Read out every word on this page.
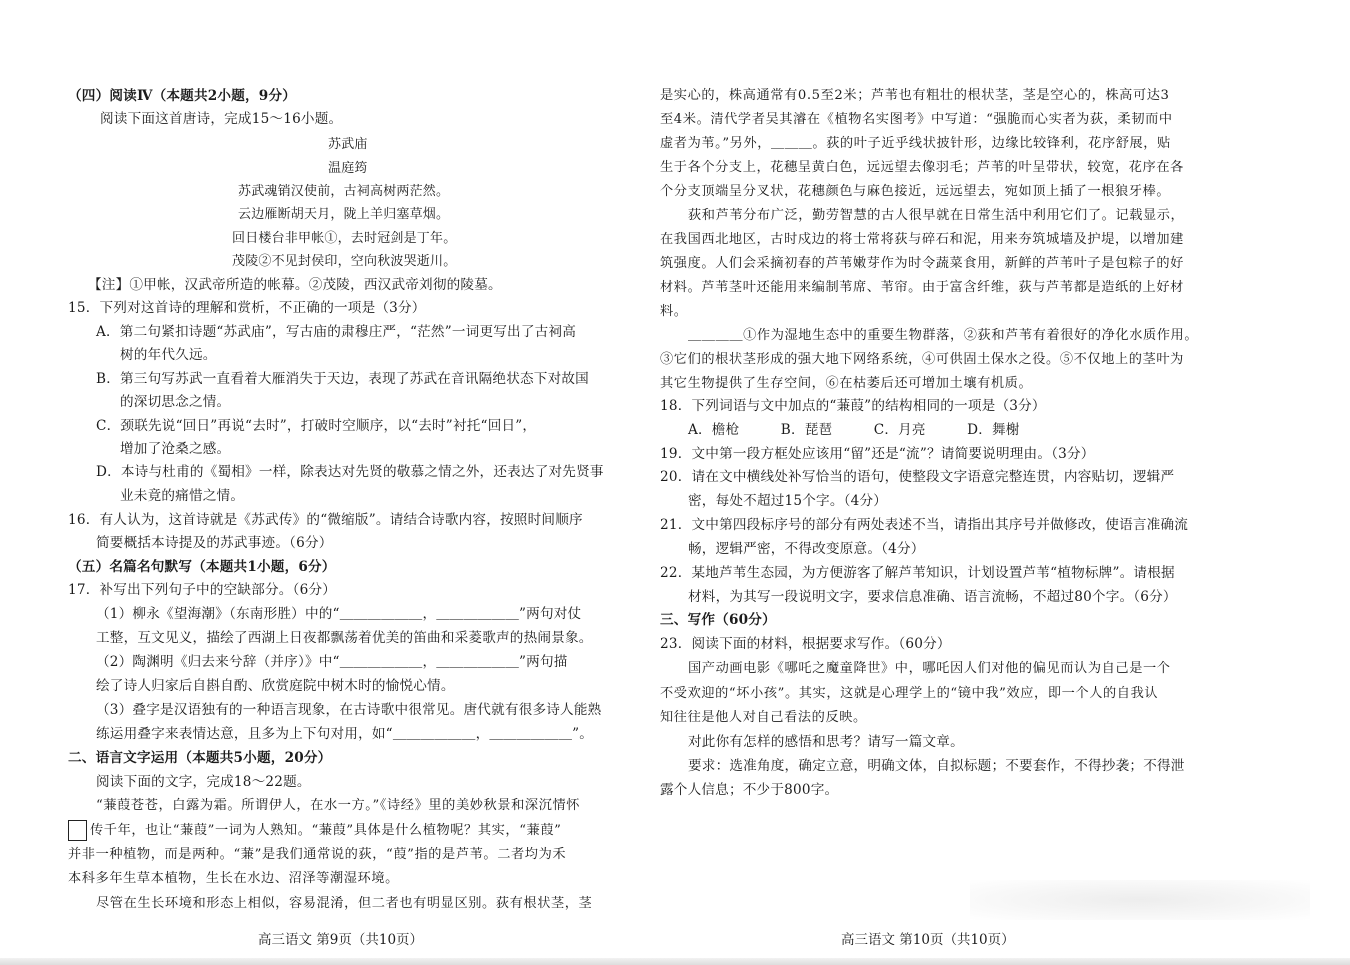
（四）阅读Ⅳ（本题共2小题，9分）
阅读下面这首唐诗，完成15～16小题。
苏武庙
温庭筠
苏武魂销汉使前，古祠高树两茫然。
云边雁断胡天月，陇上羊归塞草烟。
回日楼台非甲帐①，去时冠剑是丁年。
茂陵②不见封侯印，空向秋波哭逝川。
【注】①甲帐，汉武帝所造的帐幕。②茂陵，西汉武帝刘彻的陵墓。
15．下列对这首诗的理解和赏析，不正确的一项是（3分）
A．第二句紧扣诗题“苏武庙”，写古庙的肃穆庄严，“茫然”一词更写出了古祠高
树的年代久远。
B．第三句写苏武一直看着大雁消失于天边，表现了苏武在音讯隔绝状态下对故国
的深切思念之情。
C．颈联先说“回日”再说“去时”，打破时空顺序，以“去时”衬托“回日”，
增加了沧桑之感。
D．本诗与杜甫的《蜀相》一样，除表达对先贤的敬慕之情之外，还表达了对先贤事
业未竟的痛惜之情。
16．有人认为，这首诗就是《苏武传》的“微缩版”。请结合诗歌内容，按照时间顺序
简要概括本诗提及的苏武事迹。（6分）
（五）名篇名句默写（本题共1小题，6分）
17．补写出下列句子中的空缺部分。（6分）
（1）柳永《望海潮》（东南形胜）中的“＿＿＿＿＿＿，＿＿＿＿＿＿”两句对仗
工整，互文见义，描绘了西湖上日夜都飘荡着优美的笛曲和采菱歌声的热闹景象。
（2）陶渊明《归去来兮辞（并序）》中“＿＿＿＿＿＿，＿＿＿＿＿＿”两句描
绘了诗人归家后自斟自酌、欣赏庭院中树木时的愉悦心情。
（3）叠字是汉语独有的一种语言现象，在古诗歌中很常见。唐代就有很多诗人能熟
练运用叠字来表情达意，且多为上下句对用，如“＿＿＿＿＿＿，＿＿＿＿＿＿”。
二、语言文字运用（本题共5小题，20分）
阅读下面的文字，完成18～22题。
“蒹葭苍苍，白露为霜。所谓伊人，在水一方。”《诗经》里的美妙秋景和深沉情怀
传千年，也让“蒹葭”一词为人熟知。“蒹葭”具体是什么植物呢？其实，“蒹葭”
并非一种植物，而是两种。“蒹”是我们通常说的荻，“葭”指的是芦苇。二者均为禾
本科多年生草本植物，生长在水边、沼泽等潮湿环境。
尽管在生长环境和形态上相似，容易混淆，但二者也有明显区别。荻有根状茎，茎
高三语文 第9页（共10页）
是实心的，株高通常有0.5至2米；芦苇也有粗壮的根状茎，茎是空心的，株高可达3
至4米。清代学者吴其濬在《植物名实图考》中写道：“强脆而心实者为荻，柔韧而中
虚者为苇。”另外，＿＿＿。荻的叶子近乎线状披针形，边缘比较锋利，花序舒展，贴
生于各个分支上，花穗呈黄白色，远远望去像羽毛；芦苇的叶呈带状，较宽，花序在各
个分支顶端呈分叉状，花穗颜色与麻色接近，远远望去，宛如顶上插了一根狼牙棒。
荻和芦苇分布广泛，勤劳智慧的古人很早就在日常生活中利用它们了。记载显示，
在我国西北地区，古时戍边的将士常将荻与碎石和泥，用来夯筑城墙及护堤，以增加建
筑强度。人们会采摘初春的芦苇嫩芽作为时令蔬菜食用，新鲜的芦苇叶子是包粽子的好
材料。芦苇茎叶还能用来编制苇席、苇帘。由于富含纤维，荻与芦苇都是造纸的上好材
料。
＿＿＿＿①作为湿地生态中的重要生物群落，②荻和芦苇有着很好的净化水质作用。
③它们的根状茎形成的强大地下网络系统，④可供固土保水之役。⑤不仅地上的茎叶为
其它生物提供了生存空间，⑥在枯萎后还可增加土壤有机质。
18．下列词语与文中加点的“蒹葭”的结构相同的一项是（3分）
A．檐枪　　　B．琵琶　　　C．月亮　　　D．舞榭
19．文中第一段方框处应该用“留”还是“流”？请简要说明理由。（3分）
20．请在文中横线处补写恰当的语句，使整段文字语意完整连贯，内容贴切，逻辑严
密，每处不超过15个字。（4分）
21．文中第四段标序号的部分有两处表述不当，请指出其序号并做修改，使语言准确流
畅，逻辑严密，不得改变原意。（4分）
22．某地芦苇生态园，为方便游客了解芦苇知识，计划设置芦苇“植物标牌”。请根据
材料，为其写一段说明文字，要求信息准确、语言流畅，不超过80个字。（6分）
三、写作（60分）
23．阅读下面的材料，根据要求写作。（60分）
国产动画电影《哪吒之魔童降世》中，哪吒因人们对他的偏见而认为自己是一个
不受欢迎的“坏小孩”。其实，这就是心理学上的“镜中我”效应，即一个人的自我认
知往往是他人对自己看法的反映。
对此你有怎样的感悟和思考？请写一篇文章。
要求：选准角度，确定立意，明确文体，自拟标题；不要套作，不得抄袭；不得泄
露个人信息；不少于800字。
高三语文 第10页（共10页）
